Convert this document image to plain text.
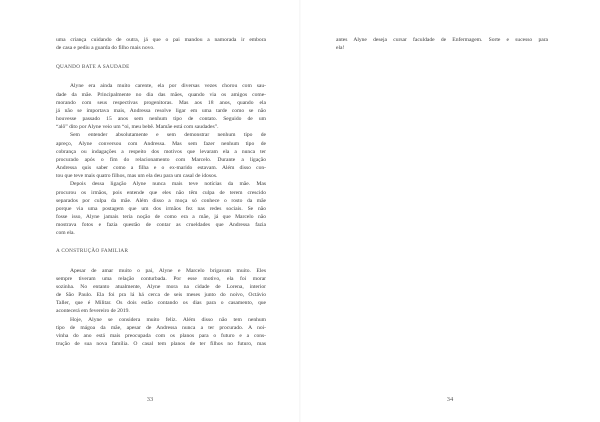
uma criança cuidando de outra, já que o pai mandou a namorada ir embora
de casa e pediu a guarda do filho mais novo.

QUANDO BATE A SAUDADE

Alyne era ainda muito carente, ela por diversas vezes chorou com sau-
dade da mãe. Principalmente no dia das mães, quando via os amigos come-
morando com seus respectivas progenitoras. Mas aos 18 anos, quando ela
já não se importava mais, Andressa resolve ligar em uma tarde como se não
houvesse passado 15 anos sem nenhum tipo de contato. Seguido de um
“alô” dito por Alyne veio um “oi, meu bebê. Mamãe está com saudades”.

Sem entender absolutamente e sem demonstrar nenhum tipo de
apreço, Alyne conversou com Andressa. Mas sem fazer nenhum tipo de
cobrança ou indagações a respeito dos motivos que levaram ela a nunca ter
procurado após o fim do relacionamento com Marcelo. Durante a ligação
Andressa quis saber como a filha e o ex-marido estavam. Além disso con-
tou que teve mais quatro filhos, mas um ela deu para um casal de idosos.

Depois dessa ligação Alyne nunca mais teve notícias da mãe. Mas
procurou os irmãos, pois entende que eles não têm culpa de terem crescido
separados por culpa da mãe. Além disso a moça só conhece o rosto da mãe
porque via uma postagem que um dos irmãos fez nas redes sociais. Se não
fosse isso, Alyne jamais teria noção de como era a mãe, já que Marcelo não
mostrava fotos e fazia questão de contar as crueldades que Andressa fazia
com ela.

A CONSTRUÇÃO FAMILIAR

Apesar de amar muito o pai, Alyne e Marcelo brigavam muito. Eles
sempre tiveram uma relação conturbada. Por esse motivo, ela foi morar
sozinha. No entanto atualmente, Alyne mora na cidade de Lorena, interior
de São Paulo. Ela foi pra lá há cerca de seis meses junto do noivo, Octávio
Taller, que é Militar. Os dois estão contando os dias para o casamento, que
acontecerá em fevereiro de 2019.

Hoje, Alyne se considera muito feliz. Além disso não tem nenhum
tipo de mágoa da mãe, apesar de Andressa nunca a ter procurado. A noi-
vinha do ano está mais preocupada com os planos para o futuro e a cons-
trução de sua nova família. O casal tem planos de ter filhos no futuro, mas

33

antes Alyne deseja cursar faculdade de Enfermagem. Sorte e sucesso para
ela!

34
